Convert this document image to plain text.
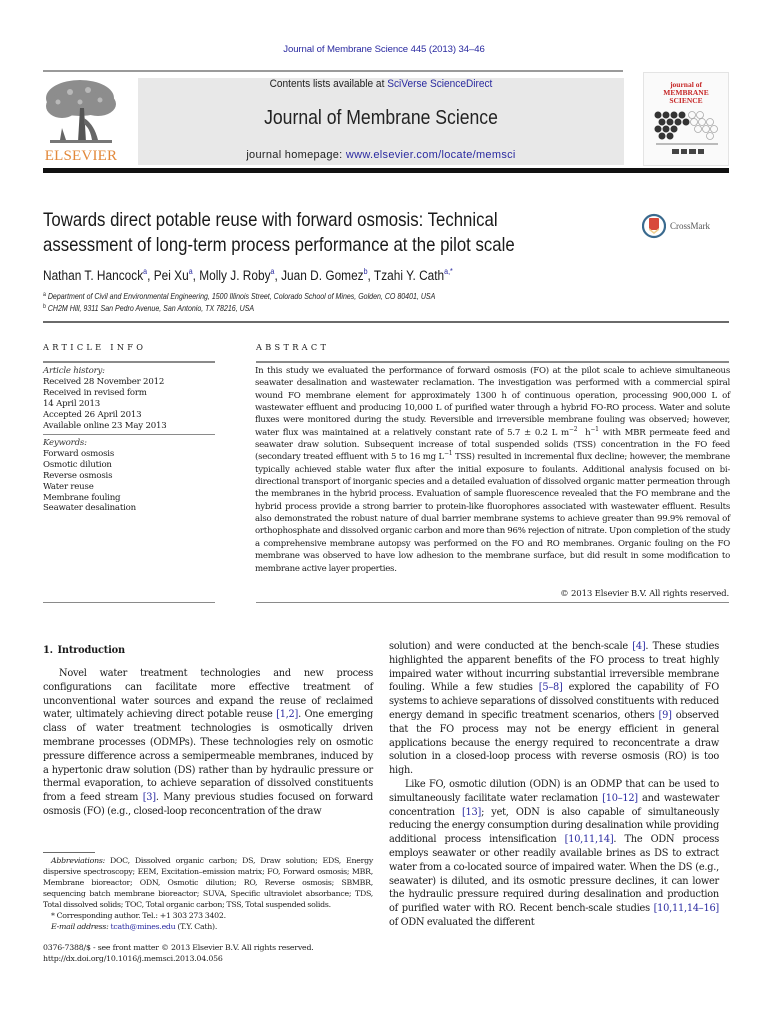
Journal of Membrane Science 445 (2013) 34–46
ELSEVIER
Contents lists available at SciVerse ScienceDirect
Journal of Membrane Science
journal homepage: www.elsevier.com/locate/memsci
journal of
MEMBRANE
SCIENCE
Towards direct potable reuse with forward osmosis: Technical
assessment of long-term process performance at the pilot scale
CrossMark
Nathan T. Hancock$^a$, Pei Xu$^a$, Molly J. Roby$^a$, Juan D. Gomez$^b$, Tzahi Y. Cath$^{a,*}$
$^a$ Department of Civil and Environmental Engineering, 1500 Illinois Street, Colorado School of Mines, Golden, CO 80401, USA
$^b$ CH2M Hill, 9311 San Pedro Avenue, San Antonio, TX 78216, USA
ARTICLE INFO
Article history:
Received 28 November 2012
Received in revised form
14 April 2013
Accepted 26 April 2013
Available online 23 May 2013
Keywords:
Forward osmosis
Osmotic dilution
Reverse osmosis
Water reuse
Membrane fouling
Seawater desalination
ABSTRACT
In this study we evaluated the performance of forward osmosis (FO) at the pilot scale to achieve simultaneous seawater desalination and wastewater reclamation. The investigation was performed with a commercial spiral wound FO membrane element for approximately 1300 h of continuous operation, processing 900,000 L of wastewater effluent and producing 10,000 L of purified water through a hybrid FO-RO process. Water and solute fluxes were monitored during the study. Reversible and irreversible membrane fouling was observed; however, water flux was maintained at a relatively constant rate of 5.7 ± 0.2 L $m^{-2}$  $h^{-1}$ with MBR permeate feed and seawater draw solution. Subsequent increase of total suspended solids (TSS) concentration in the FO feed (secondary treated effluent with 5 to 16 mg $L^{-1}$ TSS) resulted in incremental flux decline; however, the membrane typically achieved stable water flux after the initial exposure to foulants. Additional analysis focused on bi-directional transport of inorganic species and a detailed evaluation of dissolved organic matter permeation through the membranes in the hybrid process. Evaluation of sample fluorescence revealed that the FO membrane and the hybrid process provide a strong barrier to protein-like fluorophores associated with wastewater effluent. Results also demonstrated the robust nature of dual barrier membrane systems to achieve greater than 99.9% removal of orthophosphate and dissolved organic carbon and more than 96% rejection of nitrate. Upon completion of the study a comprehensive membrane autopsy was performed on the FO and RO membranes. Organic fouling on the FO membrane was observed to have low adhesion to the membrane surface, but did result in some modification to membrane active layer properties.
© 2013 Elsevier B.V. All rights reserved.
1. Introduction

Novel water treatment technologies and new process configurations can facilitate more effective treatment of unconventional water sources and expand the reuse of reclaimed water, ultimately achieving direct potable reuse [1,2]. One emerging class of water treatment technologies is osmotically driven membrane processes (ODMPs). These technologies rely on osmotic pressure difference across a semipermeable membranes, induced by a hypertonic draw solution (DS) rather than by hydraulic pressure or thermal evaporation, to achieve separation of dissolved constituents from a feed stream [3]. Many previous studies focused on forward osmosis (FO) (e.g., closed-loop reconcentration of the draw

solution) and were conducted at the bench-scale [4]. These studies highlighted the apparent benefits of the FO process to treat highly impaired water without incurring substantial irreversible membrane fouling. While a few studies [5–8] explored the capability of FO systems to achieve separations of dissolved constituents with reduced energy demand in specific treatment scenarios, others [9] observed that the FO process may not be energy efficient in general applications because the energy required to reconcentrate a draw solution in a closed-loop process with reverse osmosis (RO) is too high.

Like FO, osmotic dilution (ODN) is an ODMP that can be used to simultaneously facilitate water reclamation [10–12] and wastewater concentration [13]; yet, ODN is also capable of simultaneously reducing the energy consumption during desalination while providing additional process intensification [10,11,14]. The ODN process employs seawater or other readily available brines as DS to extract water from a co-located source of impaired water. When the DS (e.g., seawater) is diluted, and its osmotic pressure declines, it can lower the hydraulic pressure required during desalination and production of purified water with RO. Recent bench-scale studies [10,11,14–16] of ODN evaluated the different

Abbreviations: DOC, Dissolved organic carbon; DS, Draw solution; EDS, Energy dispersive spectroscopy; EEM, Excitation–emission matrix; FO, Forward osmosis; MBR, Membrane bioreactor; ODN, Osmotic dilution; RO, Reverse osmosis; SBMBR, sequencing batch membrane bioreactor; SUVA, Specific ultraviolet absorbance; TDS, Total dissolved solids; TOC, Total organic carbon; TSS, Total suspended solids.

* Corresponding author. Tel.: +1 303 273 3402.

E-mail address: tcath@mines.edu (T.Y. Cath).

0376-7388/$ - see front matter © 2013 Elsevier B.V. All rights reserved.
http://dx.doi.org/10.1016/j.memsci.2013.04.056
